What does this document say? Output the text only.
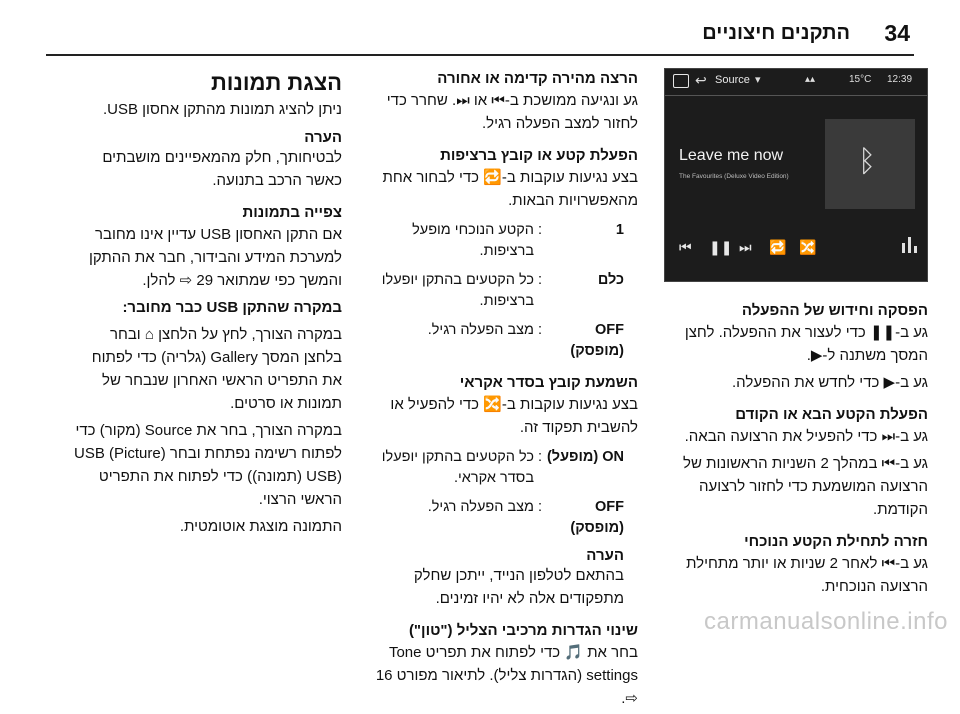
34
התקנים חיצוניים
↩ Source ▾	▴▴	15°C 12:39
Leave me now
The Favourites (Deluxe Video Edition) ᛒ
⏮ ❚❚ ⏭ 🔁 🔀
הפסקה וחידוש של ההפעלה

גע ב-❚❚ כדי לעצור את ההפעלה. לחצן המסך משתנה ל-▶.

גע ב-▶ כדי לחדש את ההפעלה.

הפעלת הקטע הבא או הקודם

גע ב-⏭ כדי להפעיל את הרצועה הבאה.

גע ב-⏮ במהלך 2 השניות הראשונות של הרצועה המושמעת כדי לחזור לרצועה הקודמת.

חזרה לתחילת הקטע הנוכחי

גע ב-⏮ לאחר 2 שניות או יותר מתחילת הרצועה הנוכחית.

הרצה מהירה קדימה או אחורה

גע ונגיעה ממושכת ב-⏮ או ⏭. שחרר כדי לחזור למצב הפעלה רגיל.

הפעלת קטע או קובץ ברציפות

בצע נגיעות עוקבות ב-🔁 כדי לבחור אחת מהאפשרויות הבאות.

1
:
הקטע הנוכחי מופעל ברציפות.
כלם
:
כל הקטעים בהתקן יופעלו ברציפות.
OFF (מופסק)
:
מצב הפעלה רגיל.
השמעת קובץ בסדר אקראי

בצע נגיעות עוקבות ב-🔀 כדי להפעיל או להשבית תפקוד זה.

ON (מופעל)
:
כל הקטעים בהתקן יופעלו בסדר אקראי.
OFF (מופסק)
:
מצב הפעלה רגיל.
הערה

בהתאם לטלפון הנייד, ייתכן שחלק מתפקודים אלה לא יהיו זמינים.

שינוי הגדרות מרכיבי הצליל ("טון")

בחר את 🎵 כדי לפתוח את תפריט Tone settings (הגדרות צליל). לתיאור מפורט 16 ⇨.

הצגת תמונות

ניתן להציג תמונות מהתקן אחסון USB.

הערה

לבטיחותך, חלק מהמאפיינים מושבתים כאשר הרכב בתנועה.

צפייה בתמונות

אם התקן האחסון USB עדיין אינו מחובר למערכת המידע והבידור, חבר את ההתקן והמשך כפי שמתואר 29 ⇨ להלן.

במקרה שהתקן USB כבר מחובר:

במקרה הצורך, לחץ על הלחצן ⌂ ובחר בלחצן המסך Gallery (גלריה) כדי לפתוח את התפריט הראשי האחרון שנבחר של תמונות או סרטים.

במקרה הצורך, בחר את Source (מקור) כדי לפתוח רשימה נפתחת ובחר USB (Picture) (USB (תמונה)) כדי לפתוח את התפריט הראשי הרצוי.

התמונה מוצגת אוטומטית.

carmanualsonline.info
